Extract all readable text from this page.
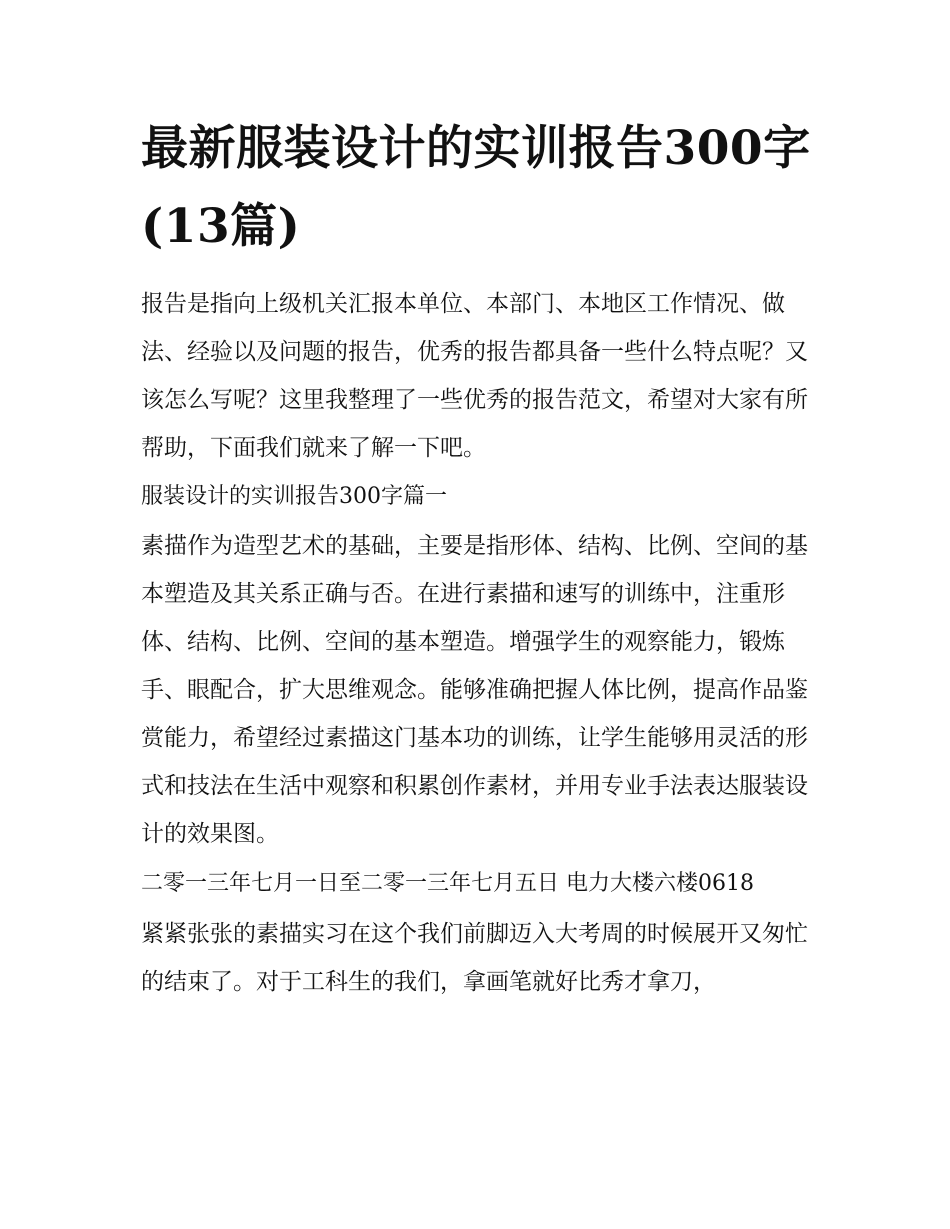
最新服装设计的实训报告300字(13篇)

报告是指向上级机关汇报本单位、本部门、本地区工作情况、做法、经验以及问题的报告，优秀的报告都具备一些什么特点呢？又该怎么写呢？这里我整理了一些优秀的报告范文，希望对大家有所帮助，下面我们就来了解一下吧。

服装设计的实训报告300字篇一

素描作为造型艺术的基础，主要是指形体、结构、比例、空间的基本塑造及其关系正确与否。在进行素描和速写的训练中，注重形体、结构、比例、空间的基本塑造。增强学生的观察能力，锻炼手、眼配合，扩大思维观念。能够准确把握人体比例，提高作品鉴赏能力，希望经过素描这门基本功的训练，让学生能够用灵活的形式和技法在生活中观察和积累创作素材，并用专业手法表达服装设计的效果图。

二零一三年七月一日至二零一三年七月五日 电力大楼六楼0618

紧紧张张的素描实习在这个我们前脚迈入大考周的时候展开又匆忙的结束了。对于工科生的我们，拿画笔就好比秀才拿刀，
